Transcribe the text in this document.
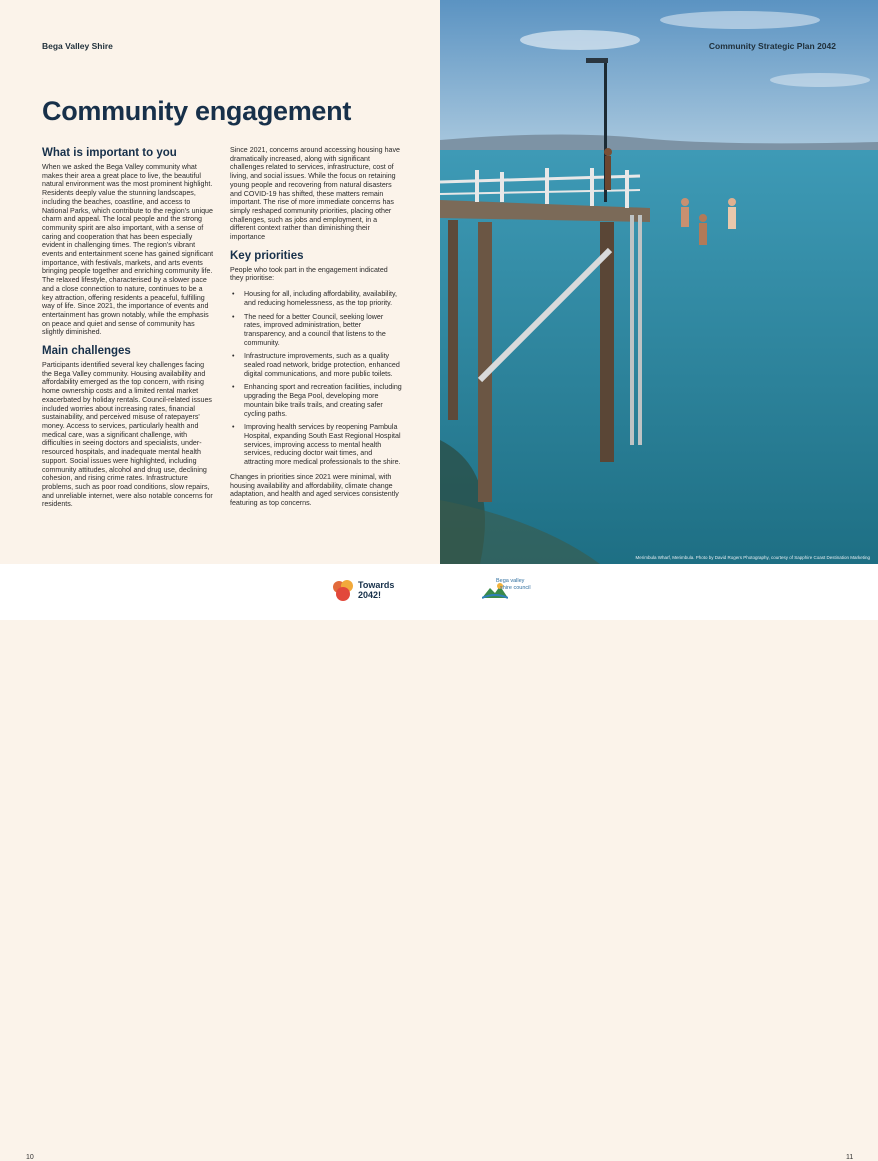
Bega Valley Shire
Community engagement
What is important to you

When we asked the Bega Valley community what makes their area a great place to live, the beautiful natural environment was the most prominent highlight. Residents deeply value the stunning landscapes, including the beaches, coastline, and access to National Parks, which contribute to the region's unique charm and appeal. The local people and the strong community spirit are also important, with a sense of caring and cooperation that has been especially evident in challenging times. The region's vibrant events and entertainment scene has gained significant importance, with festivals, markets, and arts events bringing people together and enriching community life. The relaxed lifestyle, characterised by a slower pace and a close connection to nature, continues to be a key attraction, offering residents a peaceful, fulfilling way of life. Since 2021, the importance of events and entertainment has grown notably, while the emphasis on peace and quiet and sense of community has slightly diminished.

Main challenges

Participants identified several key challenges facing the Bega Valley community. Housing availability and affordability emerged as the top concern, with rising home ownership costs and a limited rental market exacerbated by holiday rentals. Council-related issues included worries about increasing rates, financial sustainability, and perceived misuse of ratepayers' money. Access to services, particularly health and medical care, was a significant challenge, with difficulties in seeing doctors and specialists, under-resourced hospitals, and inadequate mental health support. Social issues were highlighted, including community attitudes, alcohol and drug use, declining cohesion, and rising crime rates. Infrastructure problems, such as poor road conditions, slow repairs, and unreliable internet, were also notable concerns for residents.

Since 2021, concerns around accessing housing have dramatically increased, along with significant challenges related to services, infrastructure, cost of living, and social issues. While the focus on retaining young people and recovering from natural disasters and COVID-19 has shifted, these matters remain important. The rise of more immediate concerns has simply reshaped community priorities, placing other challenges, such as jobs and employment, in a different context rather than diminishing their importance

Key priorities

People who took part in the engagement indicated they prioritise:

• Housing for all, including affordability, availability, and reducing homelessness, as the top priority.
• The need for a better Council, seeking lower rates, improved administration, better transparency, and a council that listens to the community.
• Infrastructure improvements, such as a quality sealed road network, bridge protection, enhanced digital communications, and more public toilets.
• Enhancing sport and recreation facilities, including upgrading the Bega Pool, developing more mountain bike trails trails, and creating safer cycling paths.
• Improving health services by reopening Pambula Hospital, expanding South East Regional Hospital services, improving access to mental health services, reducing doctor wait times, and attracting more medical professionals to the shire.

Changes in priorities since 2021 were minimal, with housing availability and affordability, climate change adaptation, and health and aged services consistently featuring as top concerns.

Community Strategic Plan 2042
Merimbula Wharf, Merimbula. Photo by David Rogers Photography, courtesy of Sapphire Coast Destination Marketing
10	11
Towards
2042!
Bega valley
shire council
